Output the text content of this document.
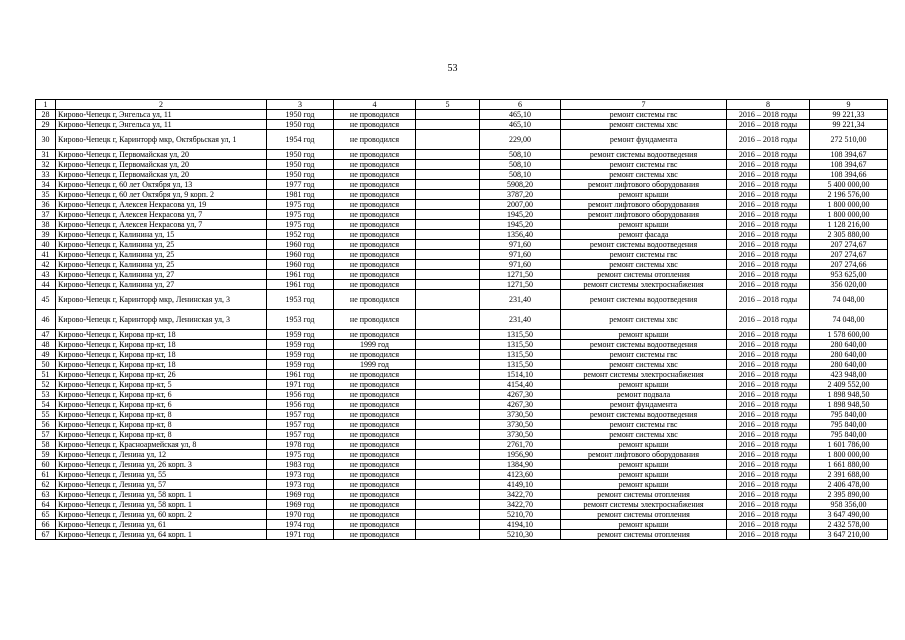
53
1	2	3	4	5	6	7	8	9
28	Кирово-Чепецк г, Энгельса ул, 11	1950 год	не проводился		465,10	ремонт системы гвс	2016 – 2018 годы	99 221,33
29	Кирово-Чепецк г, Энгельса ул, 11	1950 год	не проводился		465,10	ремонт системы хвс	2016 – 2018 годы	99 221,34
30	Кирово-Чепецк г, Каринторф мкр, Октябрьская ул, 1	1954 год	не проводился		229,00	ремонт фундамента	2016 – 2018 годы	272 510,00
31	Кирово-Чепецк г, Первомайская ул, 20	1950 год	не проводился		508,10	ремонт системы водоотведения	2016 – 2018 годы	108 394,67
32	Кирово-Чепецк г, Первомайская ул, 20	1950 год	не проводился		508,10	ремонт системы гвс	2016 – 2018 годы	108 394,67
33	Кирово-Чепецк г, Первомайская ул, 20	1950 год	не проводился		508,10	ремонт системы хвс	2016 – 2018 годы	108 394,66
34	Кирово-Чепецк г, 60 лет Октября ул, 13	1977 год	не проводился		5908,20	ремонт лифтового оборудования	2016 – 2018 годы	5 400 000,00
35	Кирово-Чепецк г, 60 лет Октября ул, 9 корп. 2	1981 год	не проводился		3787,20	ремонт крыши	2016 – 2018 годы	2 196 576,00
36	Кирово-Чепецк г, Алексея Некрасова ул, 19	1975 год	не проводился		2007,00	ремонт лифтового оборудования	2016 – 2018 годы	1 800 000,00
37	Кирово-Чепецк г, Алексея Некрасова ул, 7	1975 год	не проводился		1945,20	ремонт лифтового оборудования	2016 – 2018 годы	1 800 000,00
38	Кирово-Чепецк г, Алексея Некрасова ул, 7	1975 год	не проводился		1945,20	ремонт крыши	2016 – 2018 годы	1 128 216,00
39	Кирово-Чепецк г, Калинина ул, 15	1952 год	не проводился		1356,40	ремонт фасада	2016 – 2018 годы	2 305 880,00
40	Кирово-Чепецк г, Калинина ул, 25	1960 год	не проводился		971,60	ремонт системы водоотведения	2016 – 2018 годы	207 274,67
41	Кирово-Чепецк г, Калинина ул, 25	1960 год	не проводился		971,60	ремонт системы гвс	2016 – 2018 годы	207 274,67
42	Кирово-Чепецк г, Калинина ул, 25	1960 год	не проводился		971,60	ремонт системы хвс	2016 – 2018 годы	207 274,66
43	Кирово-Чепецк г, Калинина ул, 27	1961 год	не проводился		1271,50	ремонт системы отопления	2016 – 2018 годы	953 625,00
44	Кирово-Чепецк г, Калинина ул, 27	1961 год	не проводился		1271,50	ремонт системы электроснабжения	2016 – 2018 годы	356 020,00
45	Кирово-Чепецк г, Каринторф мкр, Ленинская ул, 3	1953 год	не проводился		231,40	ремонт системы водоотведения	2016 – 2018 годы	74 048,00
46	Кирово-Чепецк г, Каринторф мкр, Ленинская ул, 3	1953 год	не проводился		231,40	ремонт системы хвс	2016 – 2018 годы	74 048,00
47	Кирово-Чепецк г, Кирова пр-кт, 18	1959 год	не проводился		1315,50	ремонт крыши	2016 – 2018 годы	1 578 600,00
48	Кирово-Чепецк г, Кирова пр-кт, 18	1959 год	1999 год		1315,50	ремонт системы водоотведения	2016 – 2018 годы	280 640,00
49	Кирово-Чепецк г, Кирова пр-кт, 18	1959 год	не проводился		1315,50	ремонт системы гвс	2016 – 2018 годы	280 640,00
50	Кирово-Чепецк г, Кирова пр-кт, 18	1959 год	1999 год		1315,50	ремонт системы хвс	2016 – 2018 годы	280 640,00
51	Кирово-Чепецк г, Кирова пр-кт, 26	1961 год	не проводился		1514,10	ремонт системы электроснабжения	2016 – 2018 годы	423 948,00
52	Кирово-Чепецк г, Кирова пр-кт, 5	1971 год	не проводился		4154,40	ремонт крыши	2016 – 2018 годы	2 409 552,00
53	Кирово-Чепецк г, Кирова пр-кт, 6	1956 год	не проводился		4267,30	ремонт подвала	2016 – 2018 годы	1 898 948,50
54	Кирово-Чепецк г, Кирова пр-кт, 6	1956 год	не проводился		4267,30	ремонт фундамента	2016 – 2018 годы	1 898 948,50
55	Кирово-Чепецк г, Кирова пр-кт, 8	1957 год	не проводился		3730,50	ремонт системы водоотведения	2016 – 2018 годы	795 840,00
56	Кирово-Чепецк г, Кирова пр-кт, 8	1957 год	не проводился		3730,50	ремонт системы гвс	2016 – 2018 годы	795 840,00
57	Кирово-Чепецк г, Кирова пр-кт, 8	1957 год	не проводился		3730,50	ремонт системы хвс	2016 – 2018 годы	795 840,00
58	Кирово-Чепецк г, Красноармейская ул, 8	1978 год	не проводился		2761,70	ремонт крыши	2016 – 2018 годы	1 601 786,00
59	Кирово-Чепецк г, Ленина ул, 12	1975 год	не проводился		1956,90	ремонт лифтового оборудования	2016 – 2018 годы	1 800 000,00
60	Кирово-Чепецк г, Ленина ул, 26 корп. 3	1983 год	не проводился		1384,90	ремонт крыши	2016 – 2018 годы	1 661 880,00
61	Кирово-Чепецк г, Ленина ул, 55	1973 год	не проводился		4123,60	ремонт крыши	2016 – 2018 годы	2 391 688,00
62	Кирово-Чепецк г, Ленина ул, 57	1973 год	не проводился		4149,10	ремонт крыши	2016 – 2018 годы	2 406 478,00
63	Кирово-Чепецк г, Ленина ул, 58 корп. 1	1969 год	не проводился		3422,70	ремонт системы отопления	2016 – 2018 годы	2 395 890,00
64	Кирово-Чепецк г, Ленина ул, 58 корп. 1	1969 год	не проводился		3422,70	ремонт системы электроснабжения	2016 – 2018 годы	958 356,00
65	Кирово-Чепецк г, Ленина ул, 60 корп. 2	1970 год	не проводился		5210,70	ремонт системы отопления	2016 – 2018 годы	3 647 490,00
66	Кирово-Чепецк г, Ленина ул, 61	1974 год	не проводился		4194,10	ремонт крыши	2016 – 2018 годы	2 432 578,00
67	Кирово-Чепецк г, Ленина ул, 64 корп. 1	1971 год	не проводился		5210,30	ремонт системы отопления	2016 – 2018 годы	3 647 210,00
